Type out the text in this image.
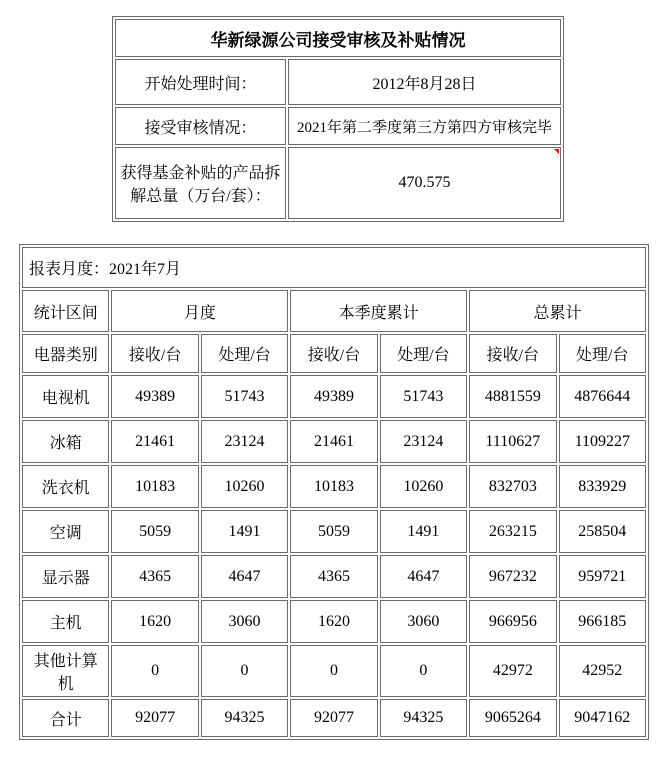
华新绿源公司接受审核及补贴情况	
开始处理时间：	2012年8月28日
接受审核情况：	2021年第二季度第三方第四方审核完毕
获得基金补贴的产品拆解总量（万台/套）：	470.575
报表月度：2021年7月						
统计区间	月度		本季度累计		总累计	
电器类别	接收/台	处理/台	接收/台	处理/台	接收/台	处理/台
电视机	49389	51743	49389	51743	4881559	4876644
冰箱	21461	23124	21461	23124	1110627	1109227
洗衣机	10183	10260	10183	10260	832703	833929
空调	5059	1491	5059	1491	263215	258504
显示器	4365	4647	4365	4647	967232	959721
主机	1620	3060	1620	3060	966956	966185
其他计算机	0	0	0	0	42972	42952
合计	92077	94325	92077	94325	9065264	9047162
